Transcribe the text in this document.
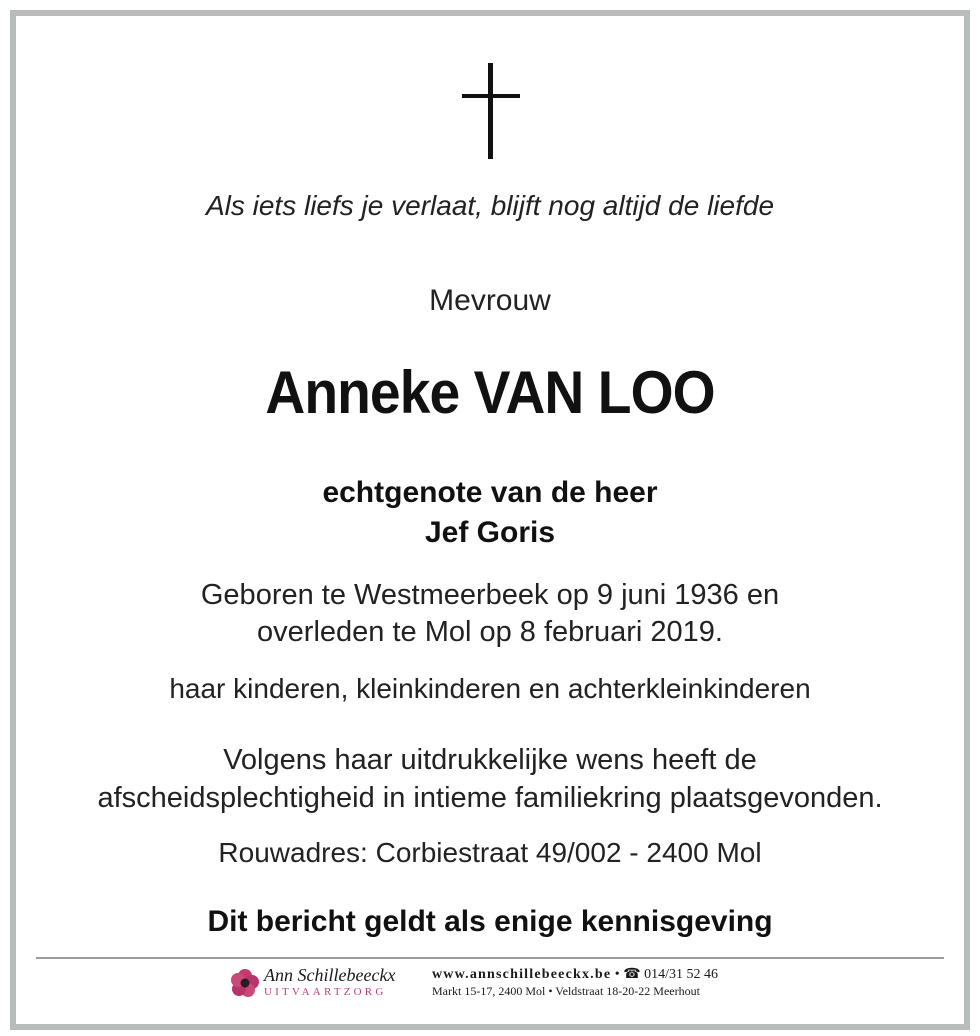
Als iets liefs je verlaat, blijft nog altijd de liefde
Mevrouw
Anneke VAN LOO
echtgenote van de heer
Jef Goris
Geboren te Westmeerbeek op 9 juni 1936 en
overleden te Mol op 8 februari 2019.
haar kinderen, kleinkinderen en achterkleinkinderen
Volgens haar uitdrukkelijke wens heeft de
afscheidsplechtigheid in intieme familiekring plaatsgevonden.
Rouwadres: Corbiestraat 49/002 - 2400 Mol
Dit bericht geldt als enige kennisgeving
Ann Schillebeeckx
UITVAARTZORG
www.annschillebeeckx.be • ☎ 014/31 52 46
Markt 15-17, 2400 Mol • Veldstraat 18-20-22 Meerhout
